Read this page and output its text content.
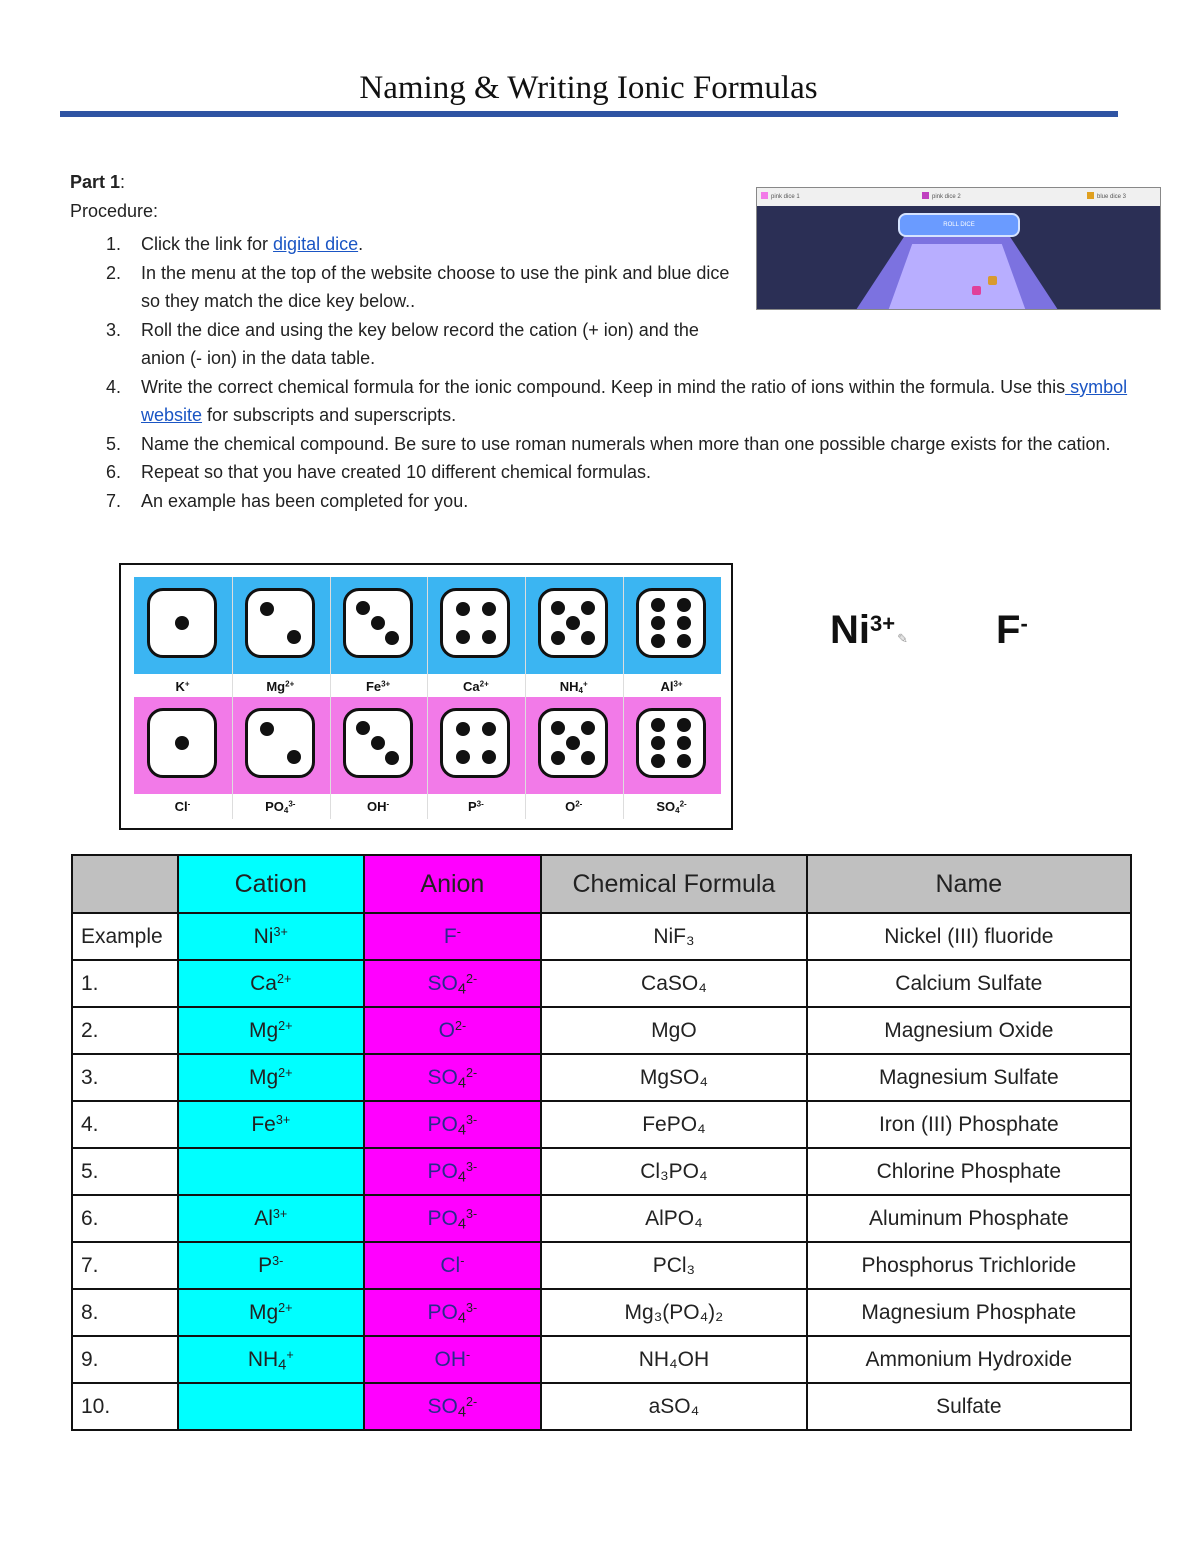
Naming & Writing Ionic Formulas
Part 1:
Procedure:
1. Click the link for digital dice.
2. In the menu at the top of the website choose to use the pink and blue dice so they match the dice key below..
3. Roll the dice and using the key below record the cation (+ ion) and the anion (- ion) in the data table.
4. Write the correct chemical formula for the ionic compound. Keep in mind the ratio of ions within the formula. Use this symbol website for subscripts and superscripts.
5. Name the chemical compound. Be sure to use roman numerals when more than one possible charge exists for the cation.
6. Repeat so that you have created 10 different chemical formulas.
7. An example has been completed for you.
pink dice 1	pink dice 2	blue dice 3
ROLL DICE
K+	$Mg^{2+}$	$Fe^{3+}$	$Ca^{2+}$	$NH_4^+$	$Al^{3+}$
Cl-	$PO_4^{3-}$	OH-	$P^{3-}$	$O^{2-}$	$SO_4^{2-}$
$Ni^{3+}✎$ F-
	Cation	Anion	Chemical Formula	Name
Example	$Ni^{3+}$	F-	NiF₃	Nickel (III) fluoride
1.	$Ca^{2+}$	$SO_4^{2-}$	CaSO₄	Calcium Sulfate
2.	$Mg^{2+}$	$O^{2-}$	MgO	Magnesium Oxide
3.	$Mg^{2+}$	$SO_4^{2-}$	MgSO₄	Magnesium Sulfate
4.	$Fe^{3+}$	$PO_4^{3-}$	FePO₄	Iron (III) Phosphate
5.		$PO_4^{3-}$	Cl₃PO₄	Chlorine Phosphate
6.	$Al^{3+}$	$PO_4^{3-}$	AlPO₄	Aluminum Phosphate
7.	$P^{3-}$	Cl-	PCl₃	Phosphorus Trichloride
8.	$Mg^{2+}$	$PO_4^{3-}$	Mg₃(PO₄)₂	Magnesium Phosphate
9.	$NH_4^+$	OH-	NH₄OH	Ammonium Hydroxide
10.		$SO_4^{2-}$	aSO₄	Sulfate
